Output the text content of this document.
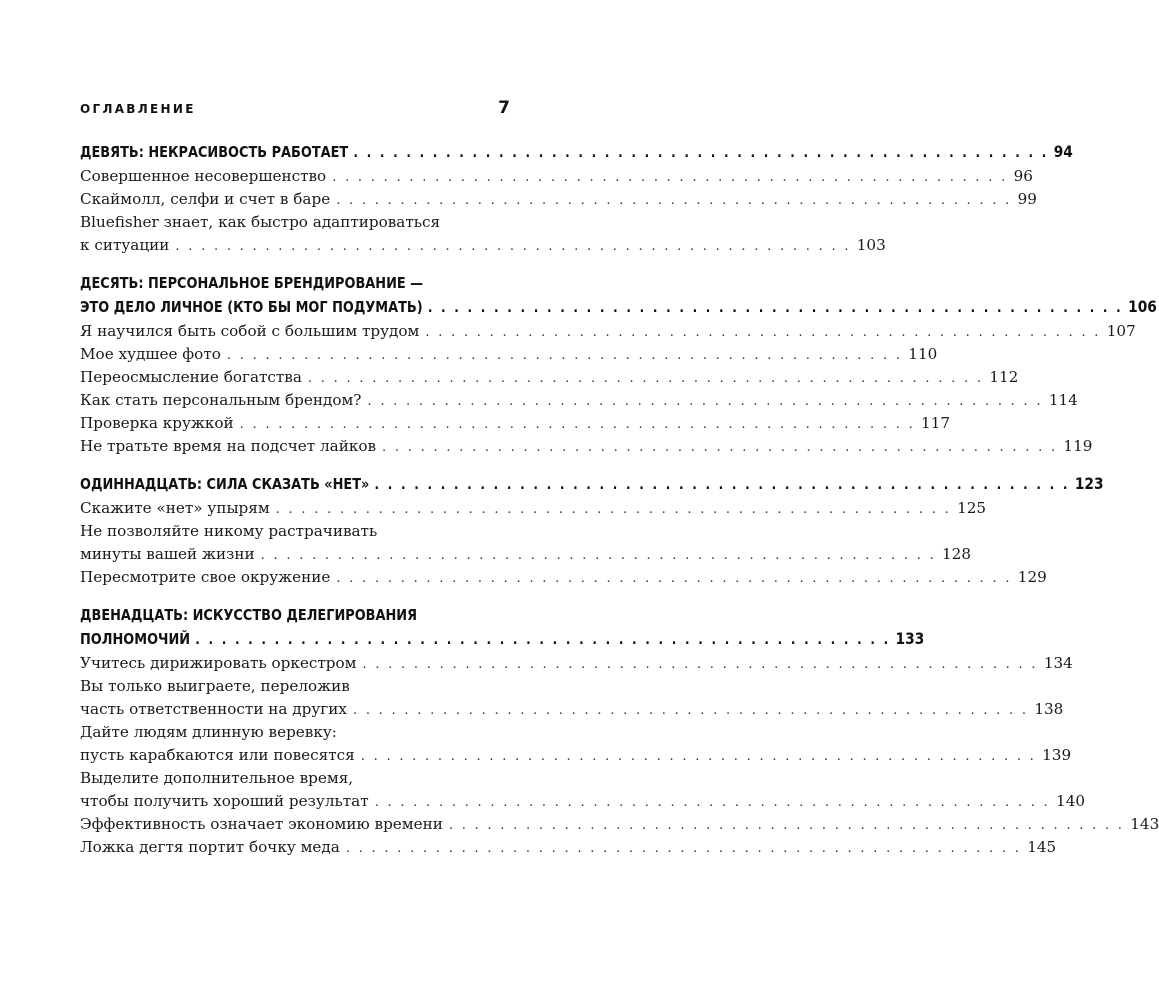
ОГЛАВЛЕНИЕ	7
ДЕВЯТЬ: НЕКРАСИВОСТЬ РАБОТАЕТ . . . . . . . . . . . . . . . . . . . . . . . . . . . . . . . . . . . . . . . . . . . . . . . . . . . . . 94
Совершенное несовершенство . . . . . . . . . . . . . . . . . . . . . . . . . . . . . . . . . . . . . . . . . . . . . . . . . . . . . 96
Скаймолл, селфи и счет в баре . . . . . . . . . . . . . . . . . . . . . . . . . . . . . . . . . . . . . . . . . . . . . . . . . . . . . 99
Bluefisher знает, как быстро адаптироваться
к ситуации . . . . . . . . . . . . . . . . . . . . . . . . . . . . . . . . . . . . . . . . . . . . . . . . . . . . . 103
ДЕСЯТЬ: ПЕРСОНАЛЬНОЕ БРЕНДИРОВАНИЕ —
ЭТО ДЕЛО ЛИЧНОЕ (КТО БЫ МОГ ПОДУМАТЬ) . . . . . . . . . . . . . . . . . . . . . . . . . . . . . . . . . . . . . . . . . . . . . . . . . . . . . 106
Я научился быть собой с большим трудом . . . . . . . . . . . . . . . . . . . . . . . . . . . . . . . . . . . . . . . . . . . . . . . . . . . . . 107
Мое худшее фото . . . . . . . . . . . . . . . . . . . . . . . . . . . . . . . . . . . . . . . . . . . . . . . . . . . . . 110
Переосмысление богатства . . . . . . . . . . . . . . . . . . . . . . . . . . . . . . . . . . . . . . . . . . . . . . . . . . . . . 112
Как стать персональным брендом? . . . . . . . . . . . . . . . . . . . . . . . . . . . . . . . . . . . . . . . . . . . . . . . . . . . . . 114
Проверка кружкой . . . . . . . . . . . . . . . . . . . . . . . . . . . . . . . . . . . . . . . . . . . . . . . . . . . . . 117
Не тратьте время на подсчет лайков . . . . . . . . . . . . . . . . . . . . . . . . . . . . . . . . . . . . . . . . . . . . . . . . . . . . . 119
ОДИННАДЦАТЬ: СИЛА СКАЗАТЬ «НЕТ» . . . . . . . . . . . . . . . . . . . . . . . . . . . . . . . . . . . . . . . . . . . . . . . . . . . . . 123
Скажите «нет» упырям . . . . . . . . . . . . . . . . . . . . . . . . . . . . . . . . . . . . . . . . . . . . . . . . . . . . . 125
Не позволяйте никому растрачивать
минуты вашей жизни . . . . . . . . . . . . . . . . . . . . . . . . . . . . . . . . . . . . . . . . . . . . . . . . . . . . . 128
Пересмотрите свое окружение . . . . . . . . . . . . . . . . . . . . . . . . . . . . . . . . . . . . . . . . . . . . . . . . . . . . . 129
ДВЕНАДЦАТЬ: ИСКУССТВО ДЕЛЕГИРОВАНИЯ
ПОЛНОМОЧИЙ . . . . . . . . . . . . . . . . . . . . . . . . . . . . . . . . . . . . . . . . . . . . . . . . . . . . . 133
Учитесь дирижировать оркестром . . . . . . . . . . . . . . . . . . . . . . . . . . . . . . . . . . . . . . . . . . . . . . . . . . . . . 134
Вы только выиграете, переложив
часть ответственности на других . . . . . . . . . . . . . . . . . . . . . . . . . . . . . . . . . . . . . . . . . . . . . . . . . . . . . 138
Дайте людям длинную веревку:
пусть карабкаются или повесятся . . . . . . . . . . . . . . . . . . . . . . . . . . . . . . . . . . . . . . . . . . . . . . . . . . . . . 139
Выделите дополнительное время,
чтобы получить хороший результат . . . . . . . . . . . . . . . . . . . . . . . . . . . . . . . . . . . . . . . . . . . . . . . . . . . . . 140
Эффективность означает экономию времени . . . . . . . . . . . . . . . . . . . . . . . . . . . . . . . . . . . . . . . . . . . . . . . . . . . . . 143
Ложка дегтя портит бочку меда . . . . . . . . . . . . . . . . . . . . . . . . . . . . . . . . . . . . . . . . . . . . . . . . . . . . . 145
